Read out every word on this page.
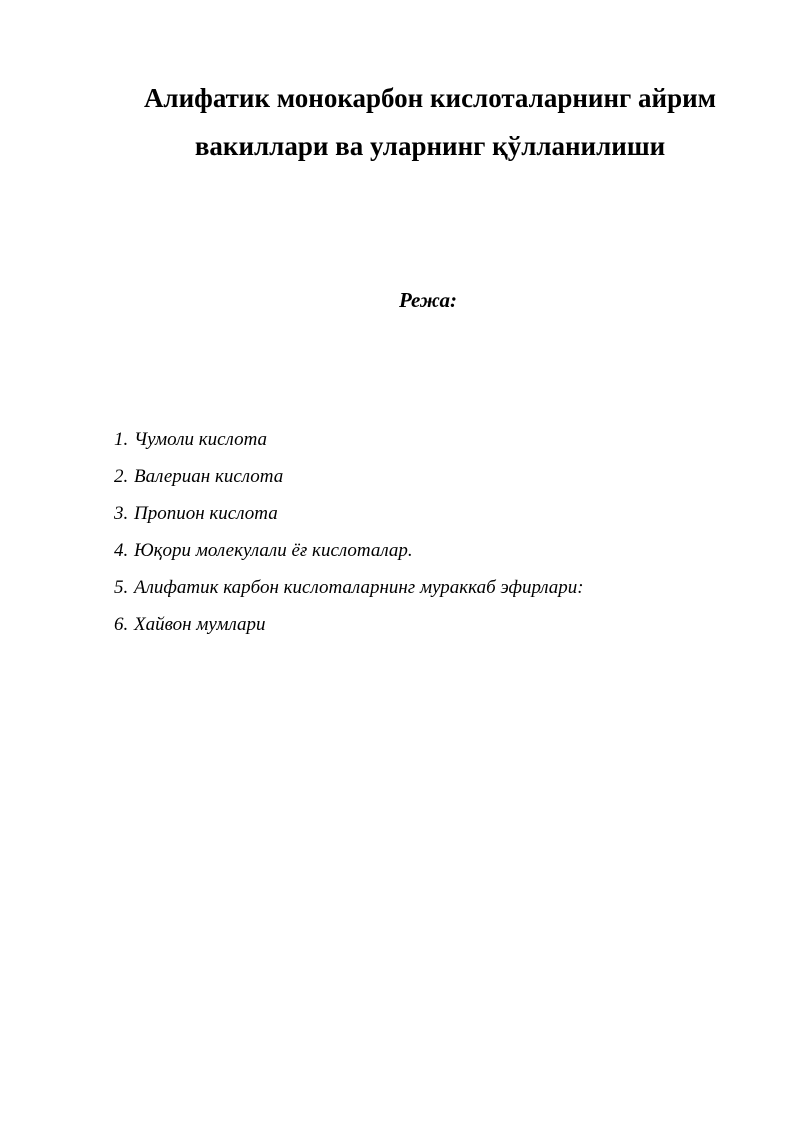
Алифатик монокарбон кислоталарнинг айрим
вакиллари ва уларнинг қўлланилиши
Режа:
1. Чумоли кислота
2. Валериан кислота
3. Пропион кислота
4. Юқори молекулали ёғ кислоталар.
5. Алифатик карбон кислоталарнинг мураккаб эфирлари:
6. Хайвон мумлари
